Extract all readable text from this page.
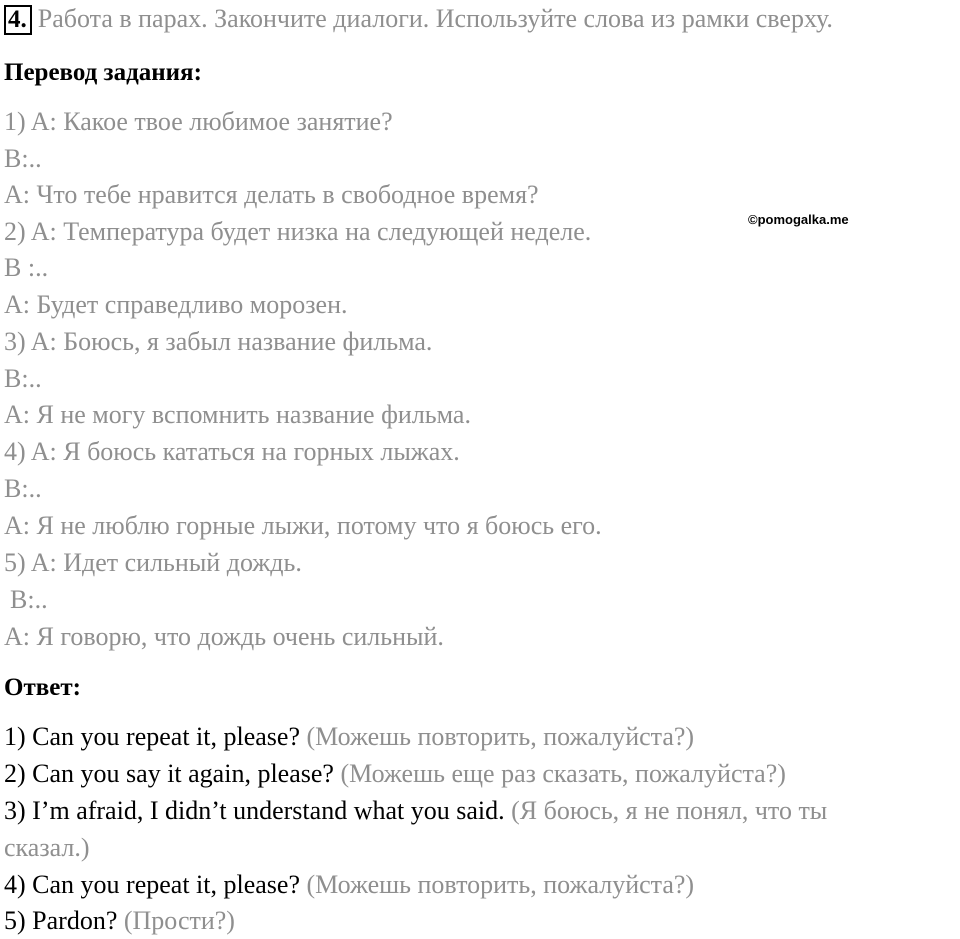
4. Работа в парах. Закончите диалоги. Используйте слова из рамки сверху.
©pomogalka.me
Перевод задания:
1) A: Какое твое любимое занятие?
B:..
A: Что тебе нравится делать в свободное время?
2) A: Температура будет низка на следующей неделе.
B :..
A: Будет справедливо морозен.
3) A: Боюсь, я забыл название фильма.
B:..
A: Я не могу вспомнить название фильма.
4) A: Я боюсь кататься на горных лыжах.
B:..
A: Я не люблю горные лыжи, потому что я боюсь его.
5) A: Идет сильный дождь.
B:..
A: Я говорю, что дождь очень сильный.
Ответ:
1) Can you repeat it, please? (Можешь повторить, пожалуйста?)
2) Can you say it again, please? (Можешь еще раз сказать, пожалуйста?)
3) I’m afraid, I didn’t understand what you said. (Я боюсь, я не понял, что ты
сказал.)
4) Can you repeat it, please? (Можешь повторить, пожалуйста?)
5) Pardon? (Прости?)
